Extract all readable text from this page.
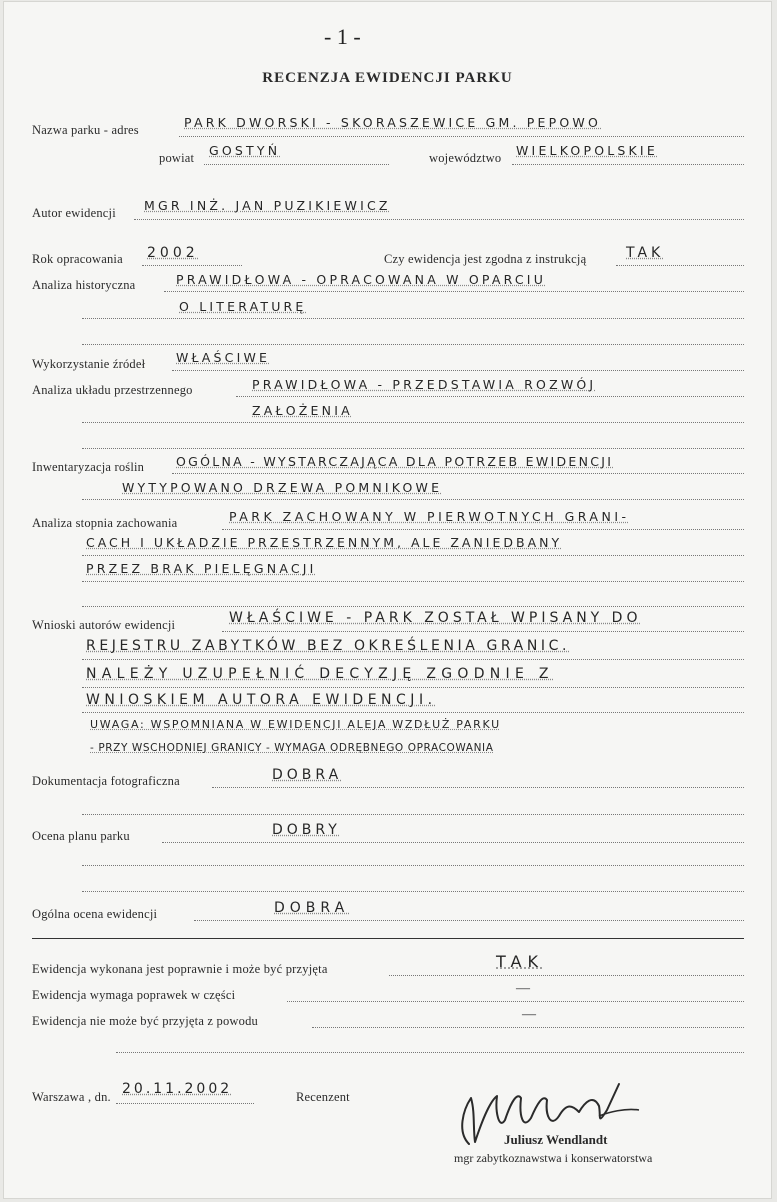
- 1 -
RECENZJA EWIDENCJI PARKU
Nazwa parku - adres	PARK DWORSKI - SKORASZEWICE GM. PEPOWO
powiat GOSTYŃ	województwo WIELKOPOLSKIE
Autor ewidencji MGR INŻ. JAN PUZIKIEWICZ
Rok opracowania 2002	Czy ewidencja jest zgodna z instrukcją	TAK
Analiza historyczna	PRAWIDŁOWA - OPRACOWANA W OPARCIU
O LITERATURĘ
Wykorzystanie źródeł WŁAŚCIWE
Analiza układu przestrzennego	PRAWIDŁOWA - PRZEDSTAWIA ROZWÓJ
ZAŁOŻENIA
Inwentaryzacja roślin	OGÓLNA - WYSTARCZAJĄCA DLA POTRZEB EWIDENCJI
WYTYPOWANO DRZEWA POMNIKOWE
Analiza stopnia zachowania	PARK ZACHOWANY W PIERWOTNYCH GRANI-
CACH I UKŁADZIE PRZESTRZENNYM, ALE ZANIEDBANY
PRZEZ BRAK PIELĘGNACJI
Wnioski autorów ewidencji	WŁAŚCIWE - PARK ZOSTAŁ WPISANY DO
REJESTRU ZABYTKÓW BEZ OKREŚLENIA GRANIC.
NALEŻY UZUPEŁNIĆ DECYZJĘ ZGODNIE Z
WNIOSKIEM AUTORA EWIDENCJI.
UWAGA: WSPOMNIANA W EWIDENCJI ALEJA WZDŁUŻ PARKU
- PRZY WSCHODNIEJ GRANICY - WYMAGA ODRĘBNEGO OPRACOWANIA
Dokumentacja fotograficzna	DOBRA
Ocena planu parku	DOBRY
Ogólna ocena ewidencji	DOBRA
Ewidencja wykonana jest poprawnie i może być przyjęta	TAK
Ewidencja wymaga poprawek w części	—
Ewidencja nie może być przyjęta z powodu	—
Warszawa , dn. 20.11.2002	Recenzent
Juliusz Wendlandt
mgr zabytkoznawstwa i konserwatorstwa
